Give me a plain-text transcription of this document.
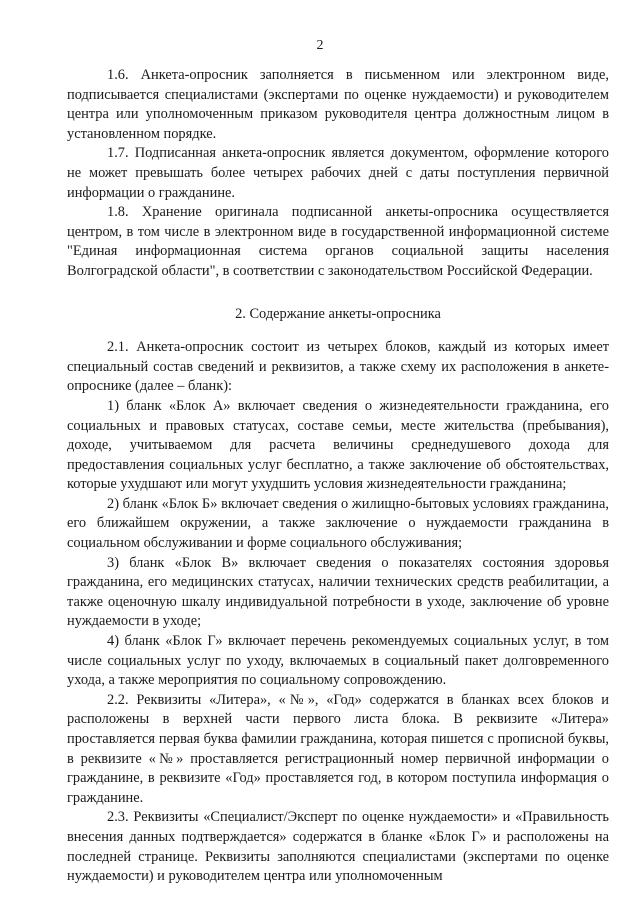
2

1.6. Анкета-опросник заполняется в письменном или электронном виде, подписывается специалистами (экспертами по оценке нуждаемости) и руководителем центра или уполномоченным приказом руководителя центра должностным лицом в установленном порядке.

1.7. Подписанная анкета-опросник является документом, оформление которого не может превышать более четырех рабочих дней с даты поступления первичной информации о гражданине.

1.8. Хранение оригинала подписанной анкеты-опросника осуществляется центром, в том числе в электронном виде в государственной информационной системе "Единая информационная система органов социальной защиты населения Волгоградской области", в соответствии с законодательством Российской Федерации.

2. Содержание анкеты-опросника

2.1. Анкета-опросник состоит из четырех блоков, каждый из которых имеет специальный состав сведений и реквизитов, а также схему их расположения в анкете-опроснике (далее – бланк):

1) бланк «Блок А» включает сведения о жизнедеятельности гражданина, его социальных и правовых статусах, составе семьи, месте жительства (пребывания), доходе, учитываемом для расчета величины среднедушевого дохода для предоставления социальных услуг бесплатно, а также заключение об обстоятельствах, которые ухудшают или могут ухудшить условия жизнедеятельности гражданина;

2) бланк «Блок Б» включает сведения о жилищно-бытовых условиях гражданина, его ближайшем окружении, а также заключение о нуждаемости гражданина в социальном обслуживании и форме социального обслуживания;

3) бланк «Блок В» включает сведения о показателях состояния здоровья гражданина, его медицинских статусах, наличии технических средств реабилитации, а также оценочную шкалу индивидуальной потребности в уходе, заключение об уровне нуждаемости в уходе;

4) бланк «Блок Г» включает перечень рекомендуемых социальных услуг, в том числе социальных услуг по уходу, включаемых в социальный пакет долговременного ухода, а также мероприятия по социальному сопровождению.

2.2. Реквизиты «Литера», «№», «Год» содержатся в бланках всех блоков и расположены в верхней части первого листа блока. В реквизите «Литера» проставляется первая буква фамилии гражданина, которая пишется с прописной буквы, в реквизите «№» проставляется регистрационный номер первичной информации о гражданине, в реквизите «Год» проставляется год, в котором поступила информация о гражданине.

2.3. Реквизиты «Специалист/Эксперт по оценке нуждаемости» и «Правильность внесения данных подтверждается» содержатся в бланке «Блок Г» и расположены на последней странице. Реквизиты заполняются специалистами (экспертами по оценке нуждаемости) и руководителем центра или уполномоченным
